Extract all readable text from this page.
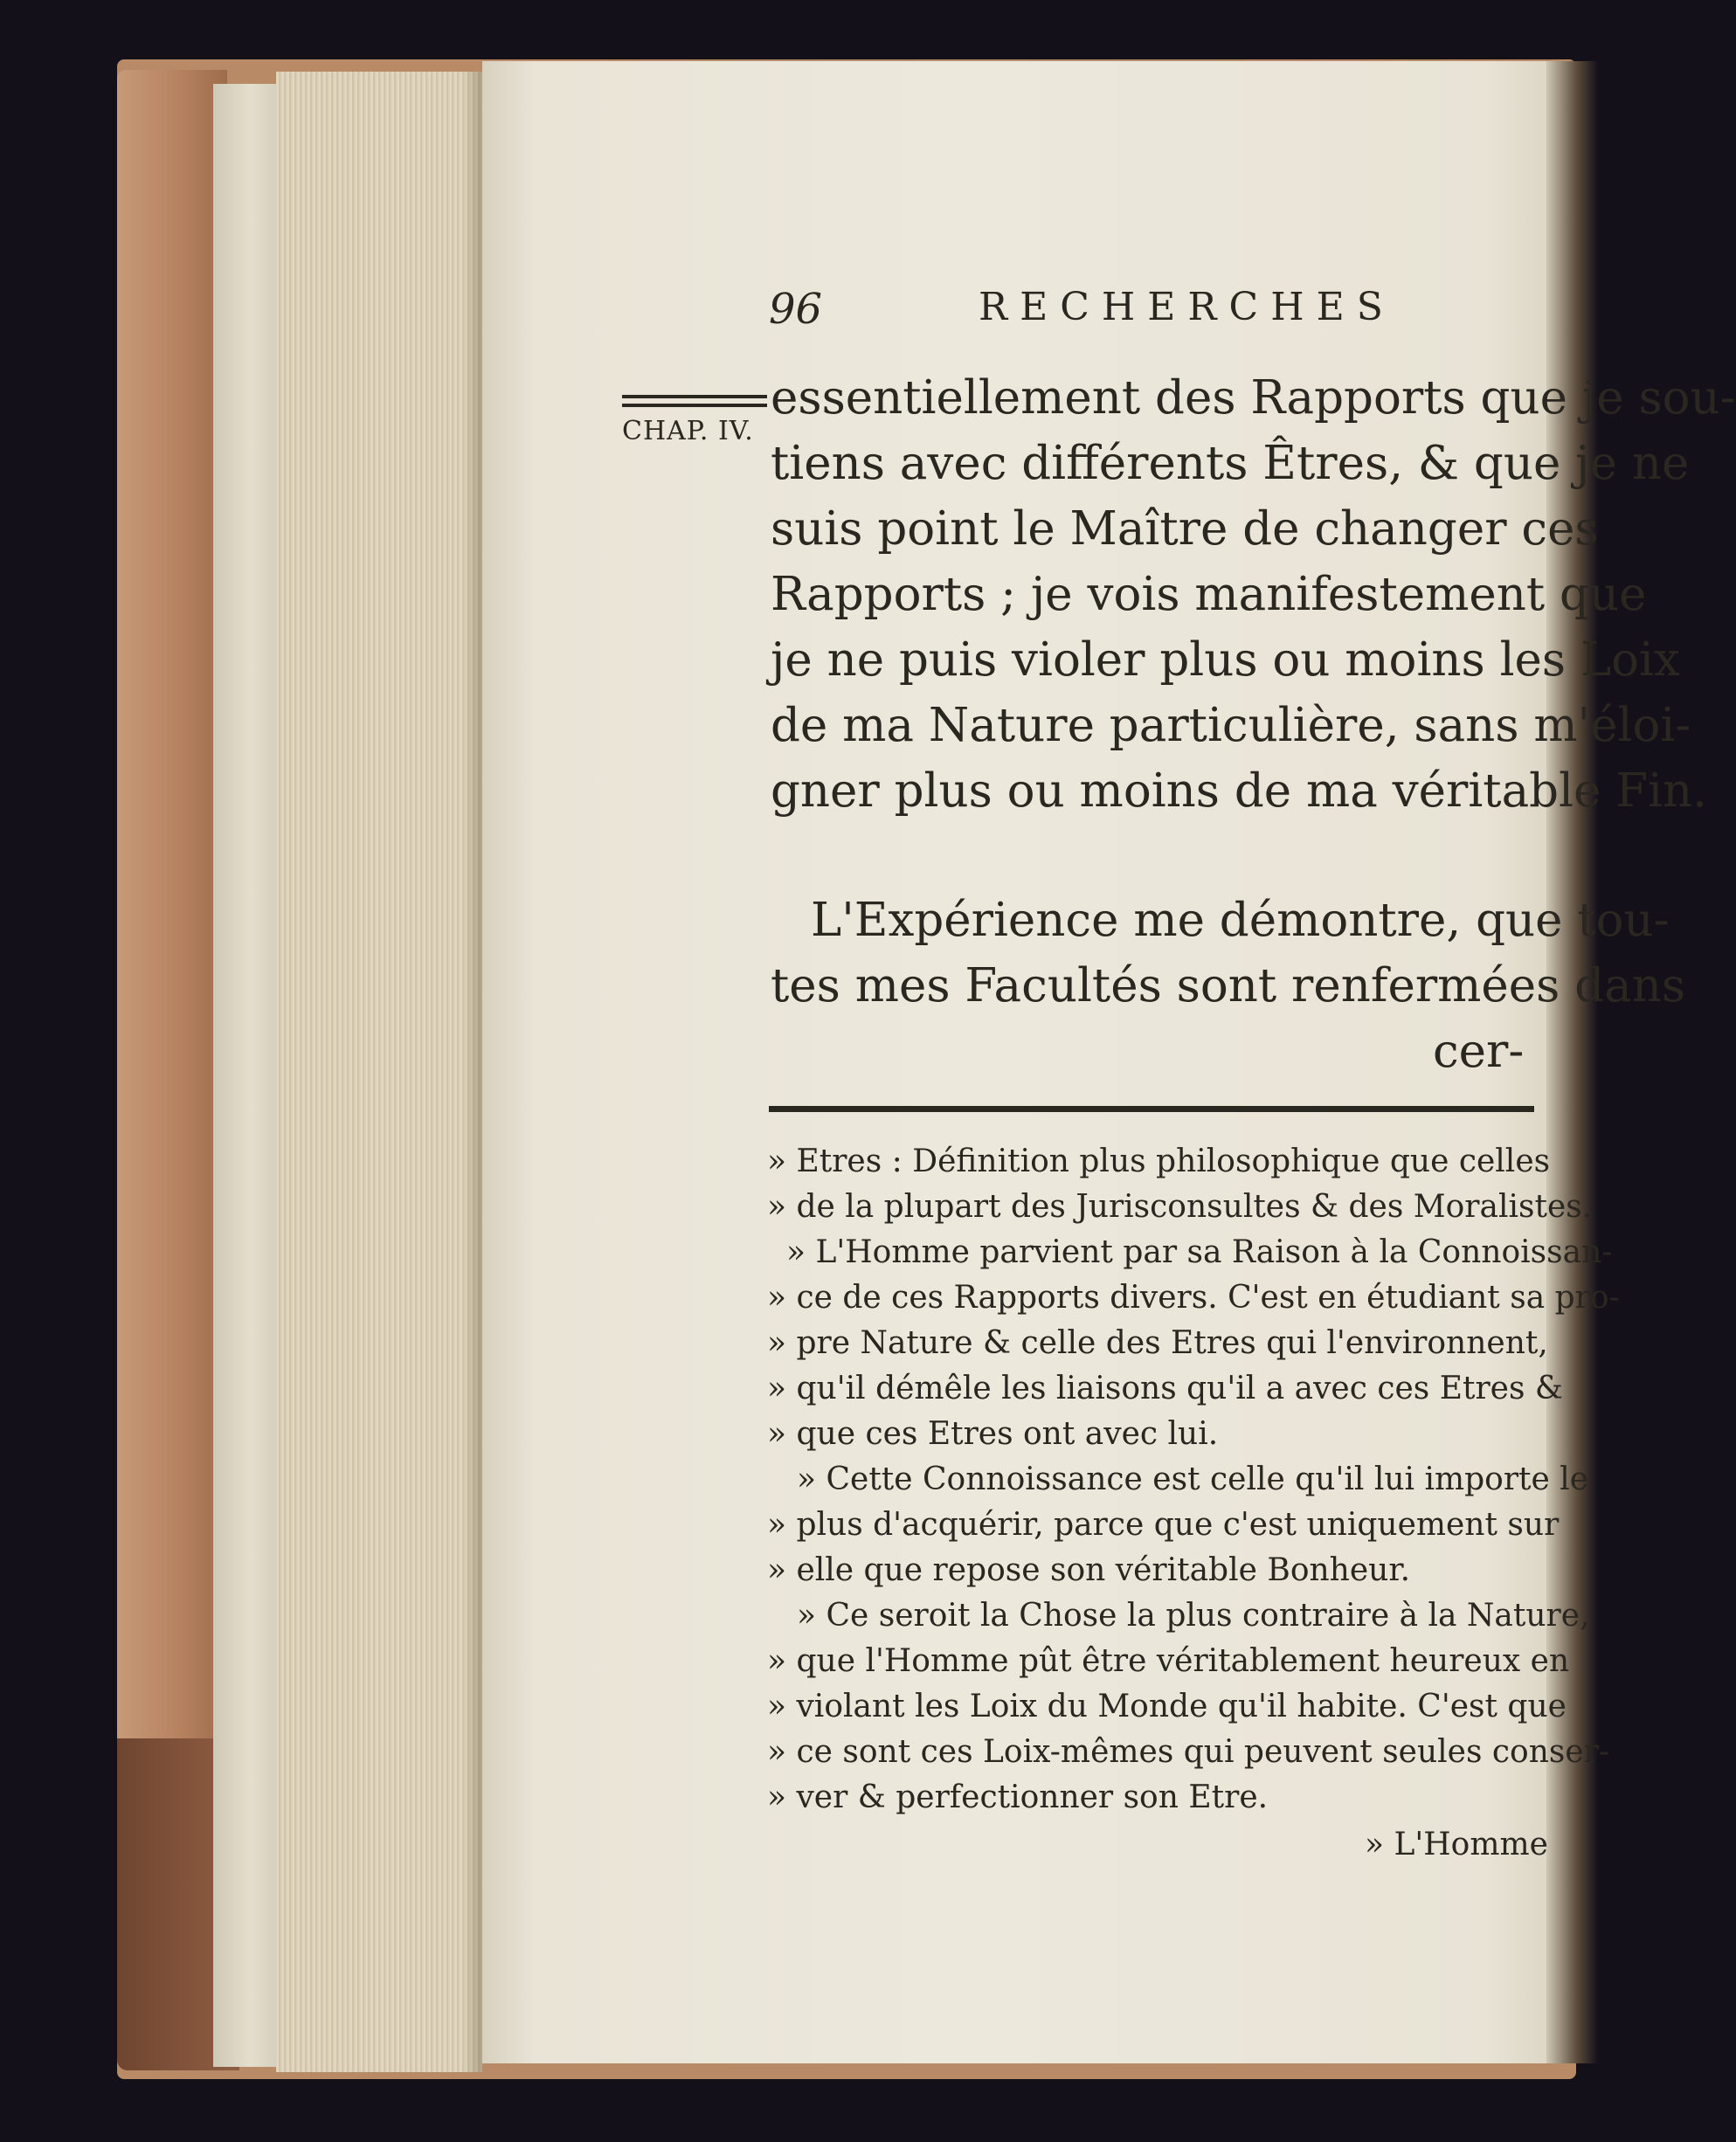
96	RECHERCHES
CHAP. IV.
essentiellement des Rapports que je sou-
tiens avec différents Êtres, & que je ne
suis point le Maître de changer ces
Rapports ; je vois manifestement que
je ne puis violer plus ou moins les Loix
de ma Nature particulière, sans m'éloi-
gner plus ou moins de ma véritable Fin.
L'Expérience me démontre, que tou-
tes mes Facultés sont renfermées dans
cer-
» Etres : Définition plus philosophique que celles
» de la plupart des Jurisconsultes & des Moralistes.
» L'Homme parvient par sa Raison à la Connoissan-
» ce de ces Rapports divers. C'est en étudiant sa pro-
» pre Nature & celle des Etres qui l'environnent,
» qu'il démêle les liaisons qu'il a avec ces Etres &
» que ces Etres ont avec lui.
» Cette Connoissance est celle qu'il lui importe le
» plus d'acquérir, parce que c'est uniquement sur
» elle que repose son véritable Bonheur.
» Ce seroit la Chose la plus contraire à la Nature,
» que l'Homme pût être véritablement heureux en
» violant les Loix du Monde qu'il habite. C'est que
» ce sont ces Loix-mêmes qui peuvent seules conser-
» ver & perfectionner son Etre.
» L'Homme
